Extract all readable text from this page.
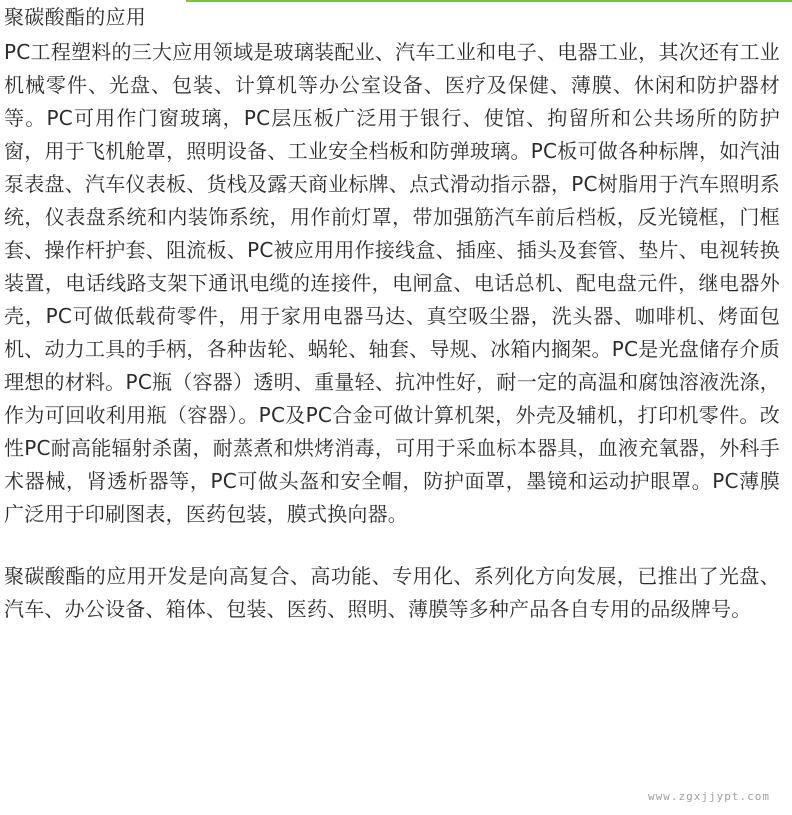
聚碳酸酯的应用

PC工程塑料的三大应用领域是玻璃装配业、汽车工业和电子、电器工业，其次还有工业机械零件、光盘、包装、计算机等办公室设备、医疗及保健、薄膜、休闲和防护器材等。PC可用作门窗玻璃，PC层压板广泛用于银行、使馆、拘留所和公共场所的防护窗，用于飞机舱罩，照明设备、工业安全档板和防弹玻璃。PC板可做各种标牌，如汽油泵表盘、汽车仪表板、货栈及露天商业标牌、点式滑动指示器，PC树脂用于汽车照明系统，仪表盘系统和内装饰系统，用作前灯罩，带加强筋汽车前后档板，反光镜框，门框套、操作杆护套、阻流板、PC被应用用作接线盒、插座、插头及套管、垫片、电视转换装置，电话线路支架下通讯电缆的连接件，电闸盒、电话总机、配电盘元件，继电器外壳，PC可做低载荷零件，用于家用电器马达、真空吸尘器，洗头器、咖啡机、烤面包机、动力工具的手柄，各种齿轮、蜗轮、轴套、导规、冰箱内搁架。PC是光盘储存介质理想的材料。PC瓶（容器）透明、重量轻、抗冲性好，耐一定的高温和腐蚀溶液洗涤，作为可回收利用瓶（容器）。PC及PC合金可做计算机架，外壳及辅机，打印机零件。改性PC耐高能辐射杀菌，耐蒸煮和烘烤消毒，可用于采血标本器具，血液充氧器，外科手术器械，肾透析器等，PC可做头盔和安全帽，防护面罩，墨镜和运动护眼罩。PC薄膜广泛用于印刷图表，医药包装，膜式换向器。

聚碳酸酯的应用开发是向高复合、高功能、专用化、系列化方向发展，已推出了光盘、汽车、办公设备、箱体、包装、医药、照明、薄膜等多种产品各自专用的品级牌号。

www.zgxjjypt.com
